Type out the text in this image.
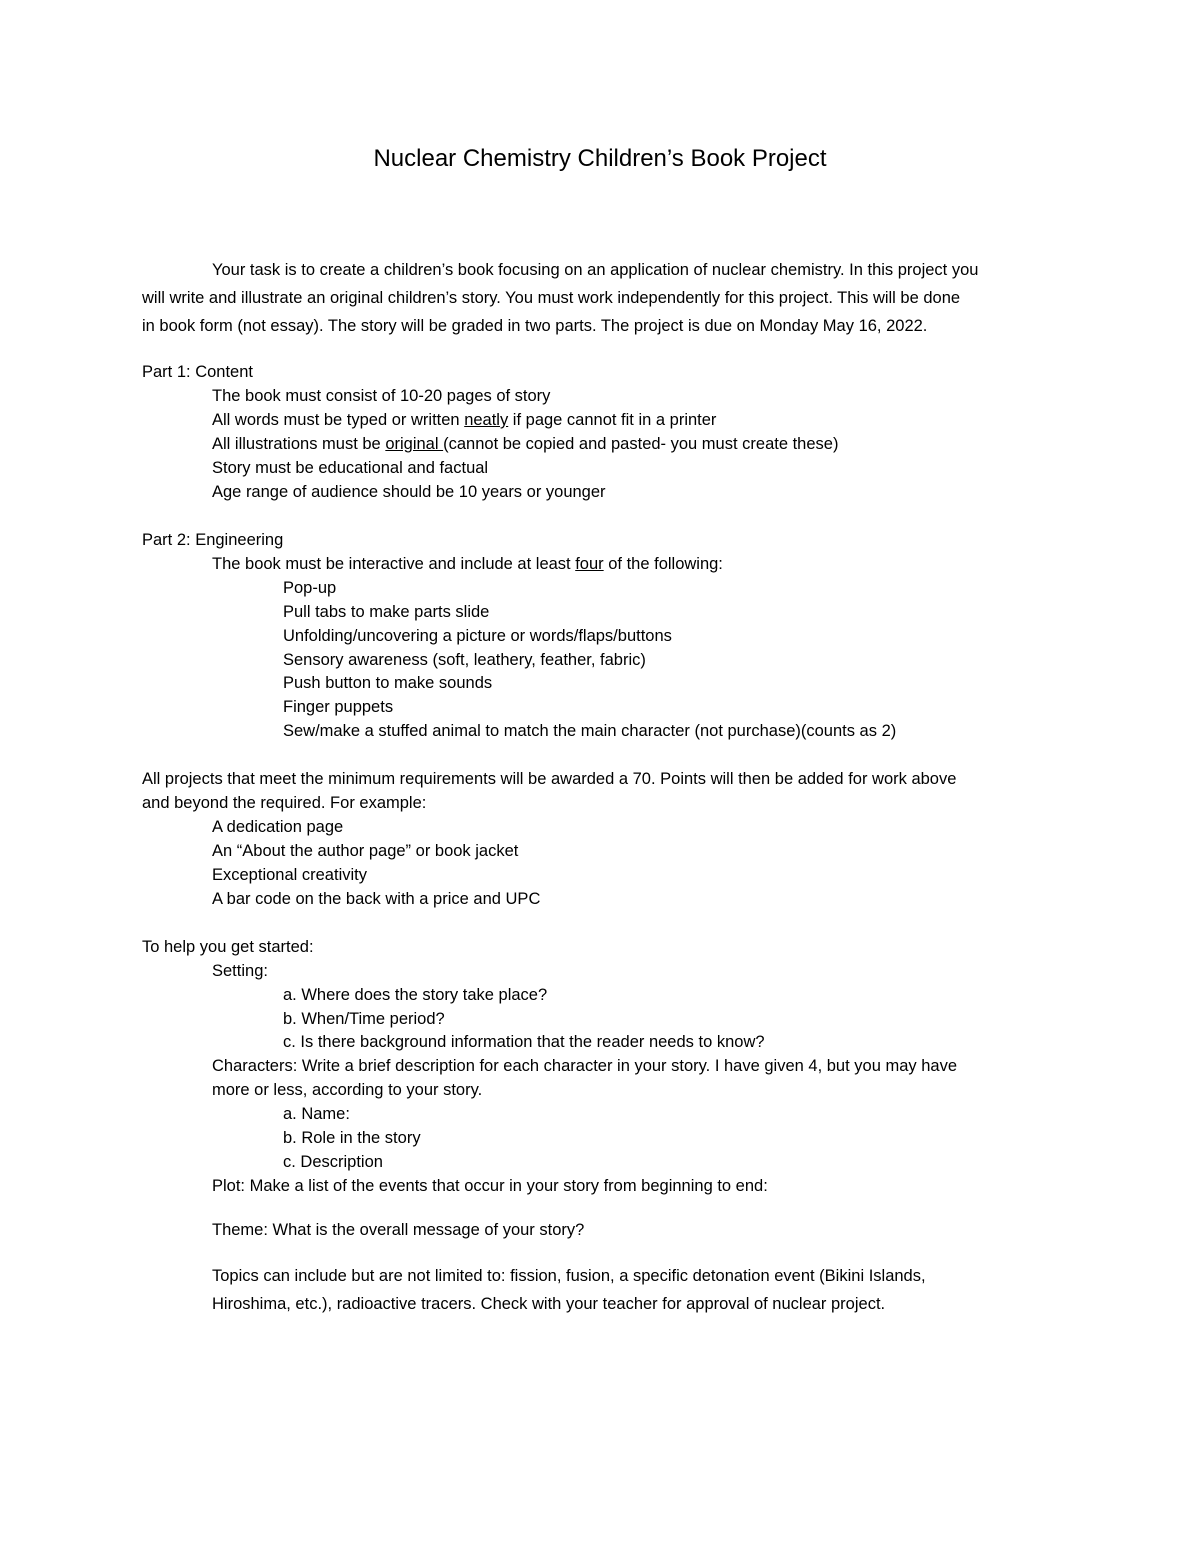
Nuclear Chemistry Children’s Book Project
Your task is to create a children’s book focusing on an application of nuclear chemistry. In this project you
will write and illustrate an original children’s story. You must work independently for this project. This will be done
in book form (not essay). The story will be graded in two parts. The project is due on Monday May 16, 2022.
Part 1: Content
The book must consist of 10-20 pages of story
All words must be typed or written neatly if page cannot fit in a printer
All illustrations must be original (cannot be copied and pasted- you must create these)
Story must be educational and factual
Age range of audience should be 10 years or younger
Part 2: Engineering
The book must be interactive and include at least four of the following:
Pop-up
Pull tabs to make parts slide
Unfolding/uncovering a picture or words/flaps/buttons
Sensory awareness (soft, leathery, feather, fabric)
Push button to make sounds
Finger puppets
Sew/make a stuffed animal to match the main character (not purchase)(counts as 2)
All projects that meet the minimum requirements will be awarded a 70. Points will then be added for work above
and beyond the required. For example:
A dedication page
An “About the author page” or book jacket
Exceptional creativity
A bar code on the back with a price and UPC
To help you get started:
Setting:
a. Where does the story take place?
b. When/Time period?
c. Is there background information that the reader needs to know?
Characters: Write a brief description for each character in your story. I have given 4, but you may have
more or less, according to your story.
a. Name:
b. Role in the story
c. Description
Plot: Make a list of the events that occur in your story from beginning to end:
Theme: What is the overall message of your story?
Topics can include but are not limited to: fission, fusion, a specific detonation event (Bikini Islands,
Hiroshima, etc.), radioactive tracers. Check with your teacher for approval of nuclear project.
